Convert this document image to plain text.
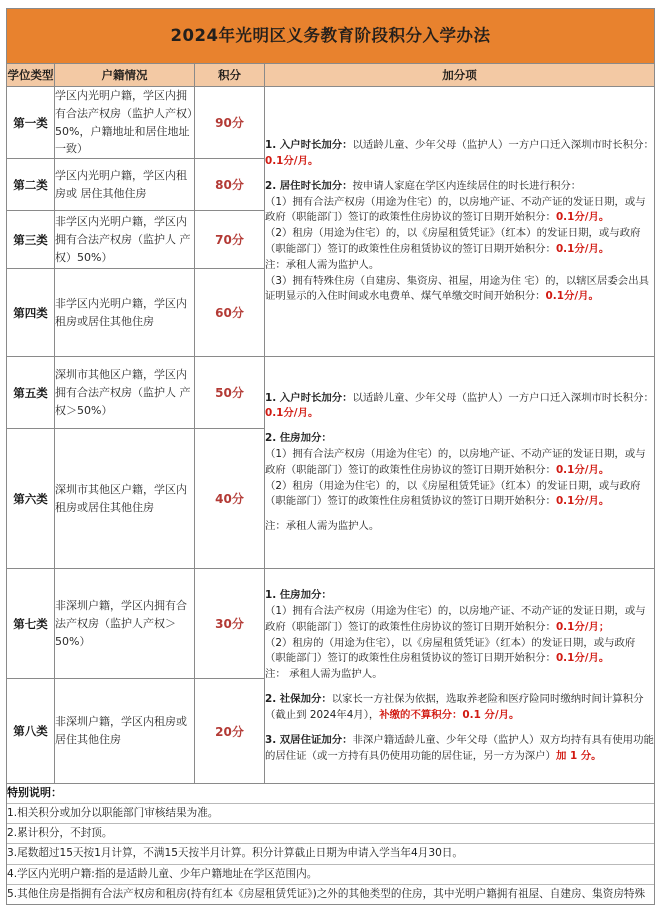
2024年光明区义务教育阶段积分入学办法			

学位类型	户籍情况	积分	加分项
第一类	学区内光明户籍，学区内拥有合法产权房（监护人产权）50%，户籍地址和居住地址一致）	90分	

1. 入户时长加分：以适龄儿童、少年父母（监护人）一方户口迁入深圳市时长积分：0.1分/月。

2. 居住时长加分：按申请人家庭在学区内连续居住的时长进行积分：

（1）拥有合法产权房（用途为住宅）的，以房地产证、不动产证的发证日期，或与政府（职能部门）签订的政策性住房协议的签订日期开始积分：0.1分/月。

（2）租房（用途为住宅）的，以《房屋租赁凭证》（红本）的发证日期，或与政府（职能部门）签订的政策性住房租赁协议的签订日期开始积分：0.1分/月。

注：承租人需为监护人。

（3）拥有特殊住房（自建房、集资房、祖屋，用途为住 宅）的，以辖区居委会出具证明显示的入住时间或水电费单、煤气单缴交时间开始积分：0.1分/月。

第二类	学区内光明户籍，学区内租房或 居住其他住房	80分	
第三类	非学区内光明户籍，学区内拥有合法产权房（监护人 产权）50%）	70分	
第四类	非学区内光明户籍，学区内租房或居住其他住房	60分	
第五类	深圳市其他区户籍，学区内拥有合法产权房（监护人 产权＞50%）	50分	1. 入户时长加分：以适龄儿童、少年父母（监护人）一方户口迁入深圳市时长积分：0.1分/月。

2. 住房加分：

（1）拥有合法产权房（用途为住宅）的，以房地产证、不动产证的发证日期，或与政府（职能部门）签订的政策性住房协议的签订日期开始积分：0.1分/月。

（2）租房（用途为住宅）的，以《房屋租赁凭证》（红本）的发证日期，或与政府（职能部门）签订的政策性住房租赁协议的签订日期开始积分：0.1分/月。

注：承租人需为监护人。

第六类	深圳市其他区户籍，学区内租房或居住其他住房	40分	
第七类	非深圳户籍，学区内拥有合法产权房（监护人产权＞50%）	30分	

1. 住房加分：

（1）拥有合法产权房（用途为住宅）的，以房地产证、不动产证的发证日期，或与政府（职能部门）签订的政策性住房协议的签订日期开始积分：0.1分/月；

（2）租房的（用途为住宅），以《房屋租赁凭证》（红本）的发证日期，或与政府（职能部门）签订的政策性住房租赁协议的签订日期开始积分：0.1分/月。

注： 承租人需为监护人。

2. 社保加分：以家长一方社保为依据，选取养老险和医疗险同时缴纳时间计算积分（截止到 2024年4月），补缴的不算积分：0.1 分/月。

3. 双居住证加分：非深户籍适龄儿童、少年父母（监护人）双方均持有具有使用功能的居住证（或一方持有具仍使用功能的居住证，另一方为深户）加 1 分。

第八类	非深圳户籍，学区内租房或居住其他住房	20分	

特别说明：
1.相关积分或加分以职能部门审核结果为准。
2.累计积分，不封顶。
3.尾数超过15天按1月计算，不满15天按半月计算。积分计算截止日期为申请入学当年4月30日。
4.学区内光明户籍:指的是适龄儿童、少年户籍地址在学区范围内。
5.其他住房是指拥有合法产权房和租房(持有红本《房屋租赁凭证》)之外的其他类型的住房，其中光明户籍拥有祖屋、自建房、集资房特殊
